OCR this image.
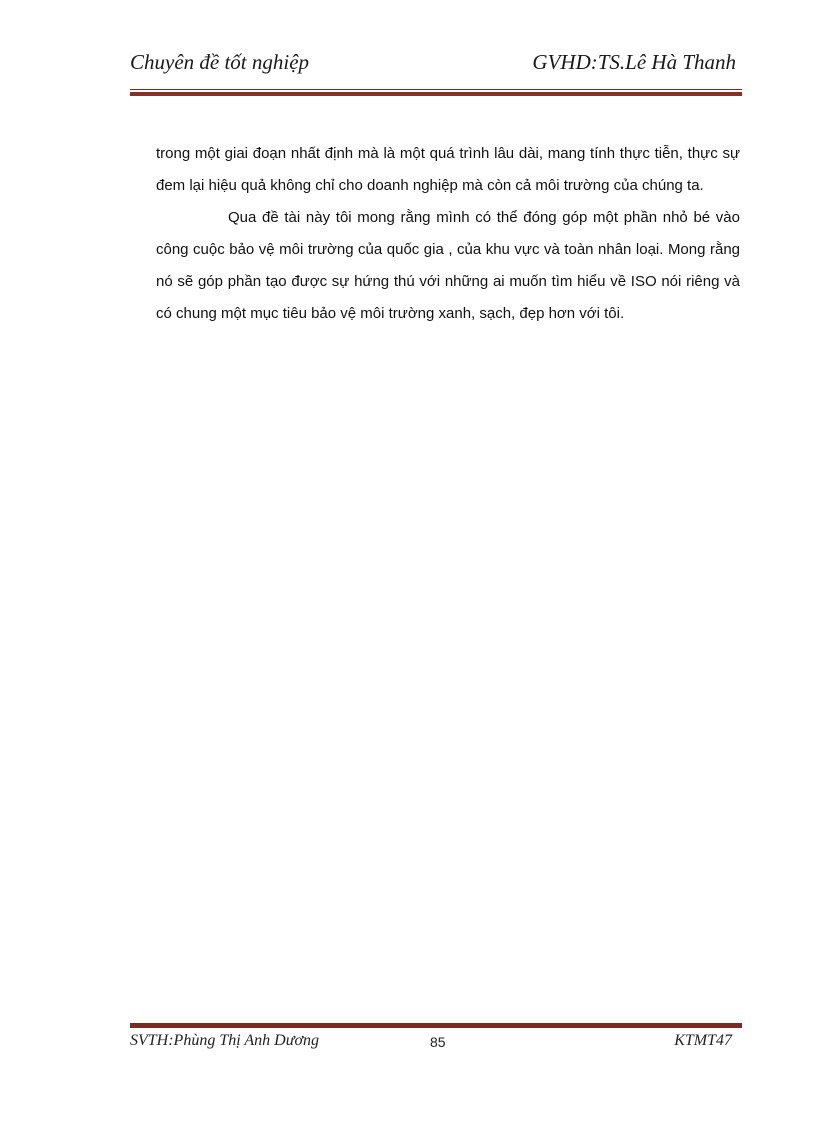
Chuyên đề tốt nghiệp	GVHD:TS.Lê Hà Thanh

trong một giai đoạn nhất định mà là một quá trình lâu dài, mang tính thực tiễn, thực sự đem lại hiệu quả không chỉ cho doanh nghiệp mà còn cả môi trường của chúng ta.

Qua đề tài này tôi mong rằng mình có thể đóng góp một phần nhỏ bé vào công cuộc bảo vệ môi trường của quốc gia , của khu vực và toàn nhân loại. Mong rằng nó sẽ góp phần tạo được sự hứng thú với những ai muốn tìm hiểu về ISO nói riêng và có chung một mục tiêu bảo vệ môi trường xanh, sạch, đẹp hơn với tôi.

SVTH:Phùng Thị Anh Dương	85	KTMT47
